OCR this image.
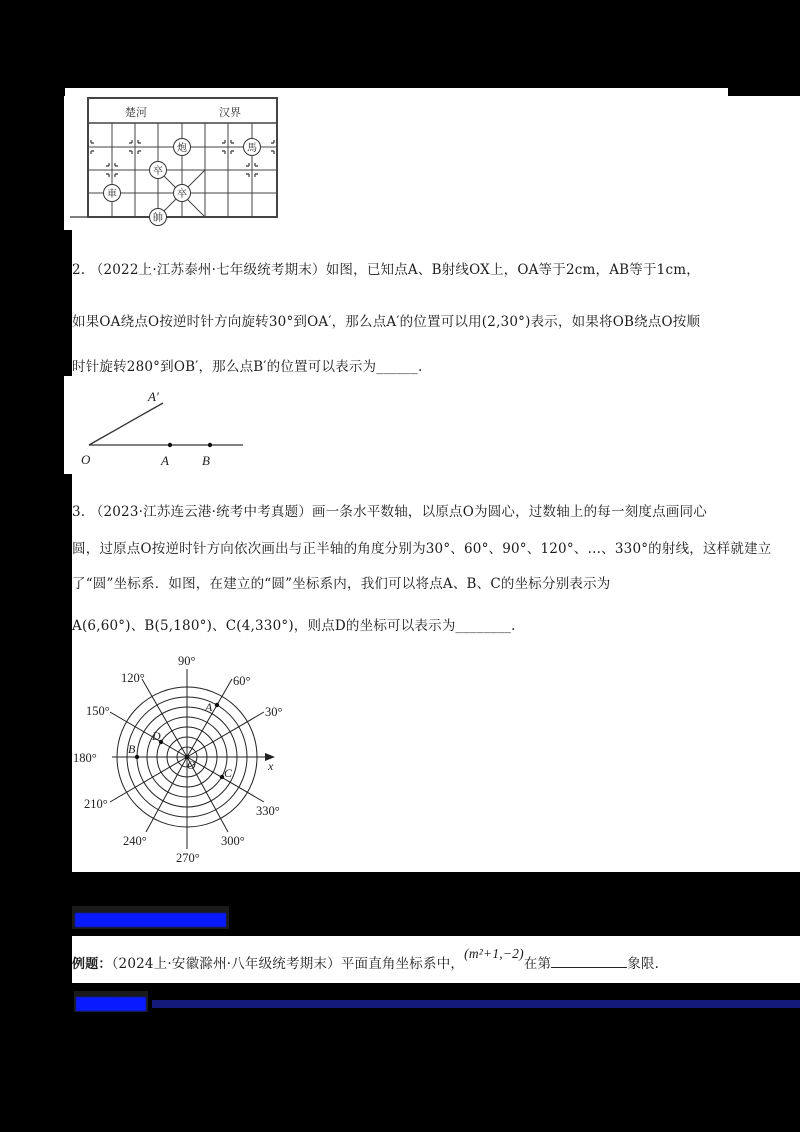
楚河	汉界
炮	馬
卒
卒
車
帥
2. （2022上·江苏泰州·七年级统考期末）如图，已知点A、B射线OX上，OA等于2cm，AB等于1cm，
如果OA绕点O按逆时针方向旋转30°到OA′，那么点A′的位置可以用(2,30°)表示，如果将OB绕点O按顺
时针旋转280°到OB′，那么点B′的位置可以表示为______.
A′
O	A	B
3. （2023·江苏连云港·统考中考真题）画一条水平数轴，以原点O为圆心，过数轴上的每一刻度点画同心
圆，过原点O按逆时针方向依次画出与正半轴的角度分别为30°、60°、90°、120°、…、330°的射线，这样就建立
了“圆”坐标系．如图，在建立的“圆”坐标系内，我们可以将点A、B、C的坐标分别表示为
A(6,60°)、B(5,180°)、C(4,330°)，则点D的坐标可以表示为________.
90°
60°
30°
120°
150°
180°
210°
240°
270°
300°
330°
x
A
B
C
D
O
【考点二 判断点所在的象限】
例题：（2024上·安徽滁州·八年级统考期末）平面直角坐标系中，(m²+1,−2)在第	象限.
【变式训练】
